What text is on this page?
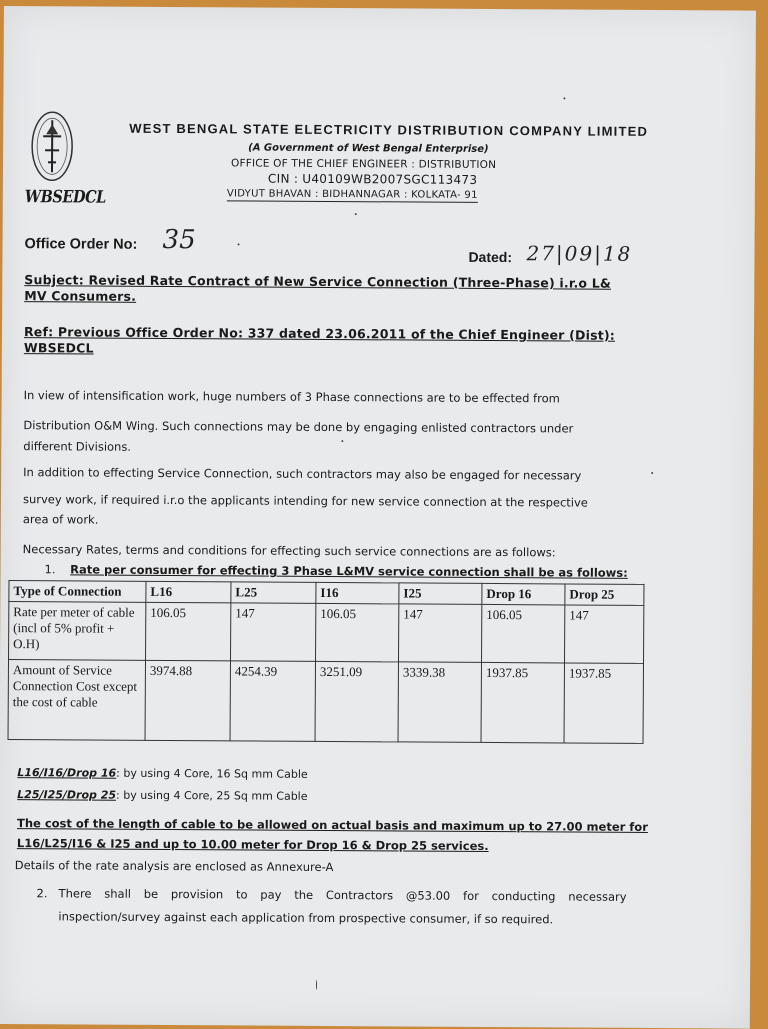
WBSEDCL
WEST BENGAL STATE ELECTRICITY DISTRIBUTION COMPANY LIMITED
(A Government of West Bengal Enterprise)
OFFICE OF THE CHIEF ENGINEER : DISTRIBUTION
CIN : U40109WB2007SGC113473
VIDYUT BHAVAN : BIDHANNAGAR : KOLKATA- 91
Office Order No: 35
Dated: 27|09|18
Subject: Revised Rate Contract of New Service Connection (Three-Phase) i.r.o L& MV Consumers.
Ref: Previous Office Order No: 337 dated 23.06.2011 of the Chief Engineer (Dist): WBSEDCL
In view of intensification work, huge numbers of 3 Phase connections are to be effected from
Distribution O&M Wing. Such connections may be done by engaging enlisted contractors under
different Divisions.
In addition to effecting Service Connection, such contractors may also be engaged for necessary
survey work, if required i.r.o the applicants intending for new service connection at the respective
area of work.
Necessary Rates, terms and conditions for effecting such service connections are as follows:
1. Rate per consumer for effecting 3 Phase L&MV service connection shall be as follows:
Type of Connection	L16	L25	I16	I25	Drop 16	Drop 25
Rate per meter of cable (incl of 5% profit + O.H)	106.05	147	106.05	147	106.05	147
Amount of Service Connection Cost except the cost of cable	3974.88	4254.39	3251.09	3339.38	1937.85	1937.85
L16/I16/Drop 16: by using 4 Core, 16 Sq mm Cable
L25/I25/Drop 25: by using 4 Core, 25 Sq mm Cable
The cost of the length of cable to be allowed on actual basis and maximum up to 27.00 meter for
L16/L25/I16 & I25 and up to 10.00 meter for Drop 16 & Drop 25 services.
Details of the rate analysis are enclosed as Annexure-A
2. There shall be provision to pay the Contractors @53.00 for conducting necessary inspection/survey against each application from prospective consumer, if so required.
